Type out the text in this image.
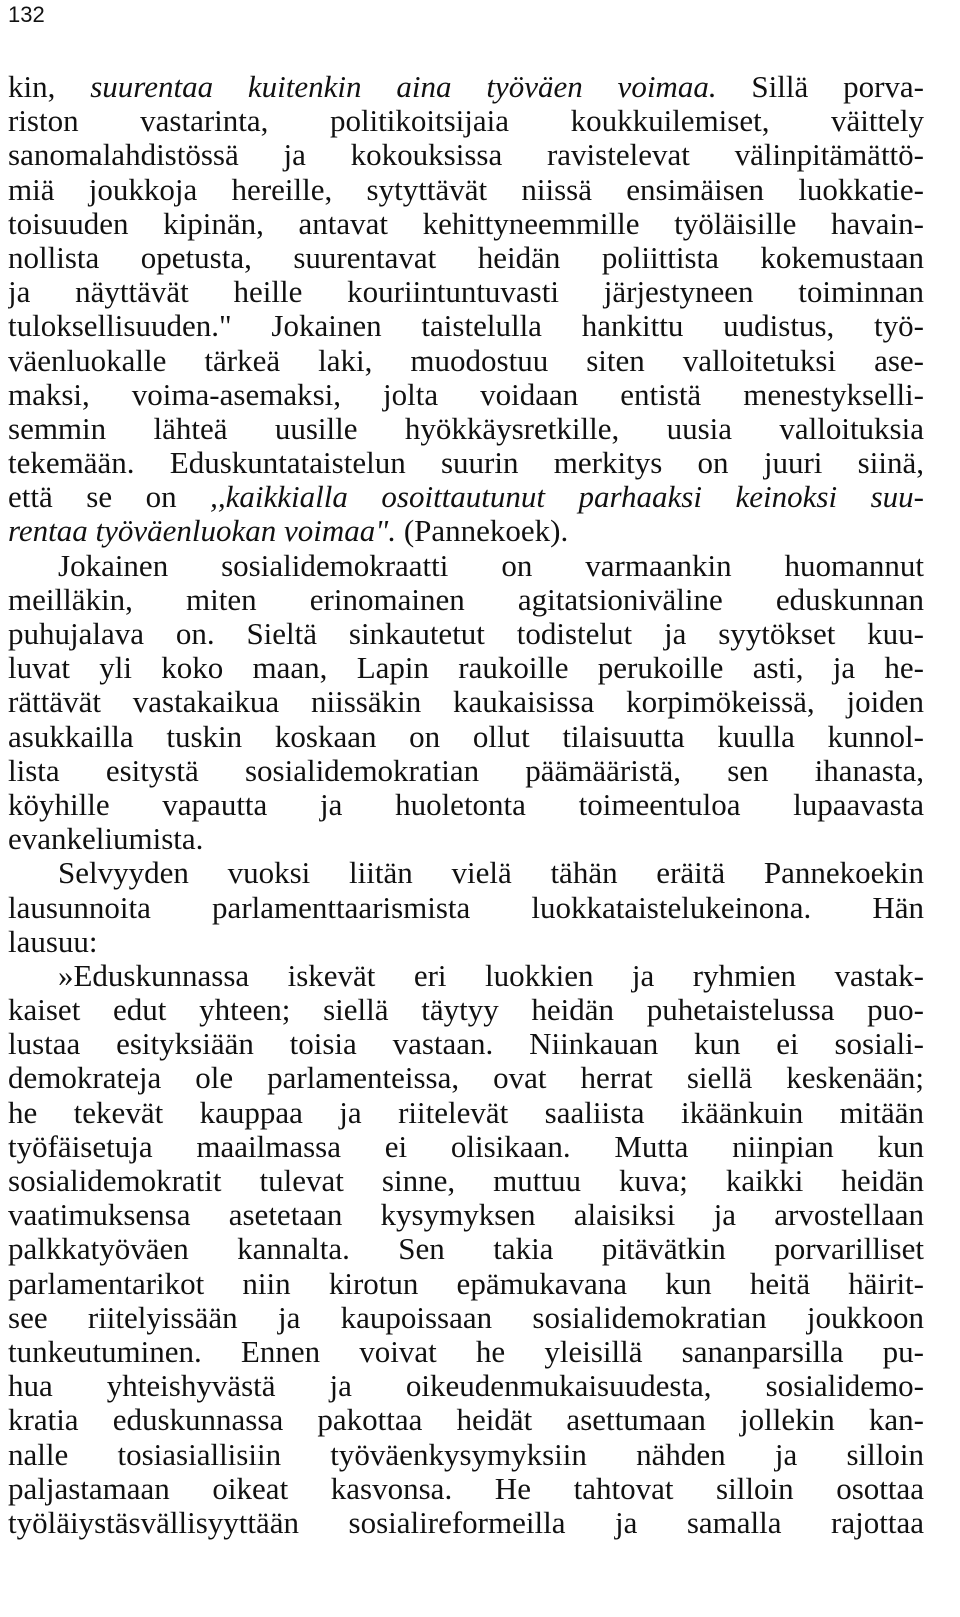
132
kin, suurentaa kuitenkin aina työväen voimaa. Sillä porva-
riston vastarinta, politikoitsijaia koukkuilemiset, väittely
sanomalahdistössä ja kokouksissa ravistelevat välinpitämättö-
miä joukkoja hereille, sytyttävät niissä ensimäisen luokkatie-
toisuuden kipinän, antavat kehittyneemmille työläisille havain-
nollista opetusta, suurentavat heidän poliittista kokemustaan
ja näyttävät heille kouriintuntuvasti järjestyneen toiminnan
tuloksellisuuden." Jokainen taistelulla hankittu uudistus, työ-
väenluokalle tärkeä laki, muodostuu siten valloitetuksi ase-
maksi, voima-asemaksi, jolta voidaan entistä menestykselli-
semmin lähteä uusille hyökkäysretkille, uusia valloituksia
tekemään. Eduskuntataistelun suurin merkitys on juuri siinä,
että se on ,,kaikkialla osoittautunut parhaaksi keinoksi suu-
rentaa työväenluokan voimaa". (Pannekoek).
Jokainen sosialidemokraatti on varmaankin huomannut
meilläkin, miten erinomainen agitatsioniväline eduskunnan
puhujalava on. Sieltä sinkautetut todistelut ja syytökset kuu-
luvat yli koko maan, Lapin raukoille perukoille asti, ja he-
rättävät vastakaikua niissäkin kaukaisissa korpimökeissä, joiden
asukkailla tuskin koskaan on ollut tilaisuutta kuulla kunnol-
lista esitystä sosialidemokratian päämääristä, sen ihanasta,
köyhille vapautta ja huoletonta toimeentuloa lupaavasta
evankeliumista.
Selvyyden vuoksi liitän vielä tähän eräitä Pannekoekin
lausunnoita parlamenttaarismista luokkataistelukeinona. Hän
lausuu:
»Eduskunnassa iskevät eri luokkien ja ryhmien vastak-
kaiset edut yhteen; siellä täytyy heidän puhetaistelussa puo-
lustaa esityksiään toisia vastaan. Niinkauan kun ei sosiali-
demokrateja ole parlamenteissa, ovat herrat siellä keskenään;
he tekevät kauppaa ja riitelevät saaliista ikäänkuin mitään
työfäisetuja maailmassa ei olisikaan. Mutta niinpian kun
sosialidemokratit tulevat sinne, muttuu kuva; kaikki heidän
vaatimuksensa asetetaan kysymyksen alaisiksi ja arvostellaan
palkkatyöväen kannalta. Sen takia pitävätkin porvarilliset
parlamentarikot niin kirotun epämukavana kun heitä häirit-
see riitelyissään ja kaupoissaan sosialidemokratian joukkoon
tunkeutuminen. Ennen voivat he yleisillä sananparsilla pu-
hua yhteishyvästä ja oikeudenmukaisuudesta, sosialidemo-
kratia eduskunnassa pakottaa heidät asettumaan jollekin kan-
nalle tosiasiallisiin työväenkysymyksiin nähden ja silloin
paljastamaan oikeat kasvonsa. He tahtovat silloin osottaa
työläiystäsvällisyyttään sosialireformeilla ja samalla rajottaa
